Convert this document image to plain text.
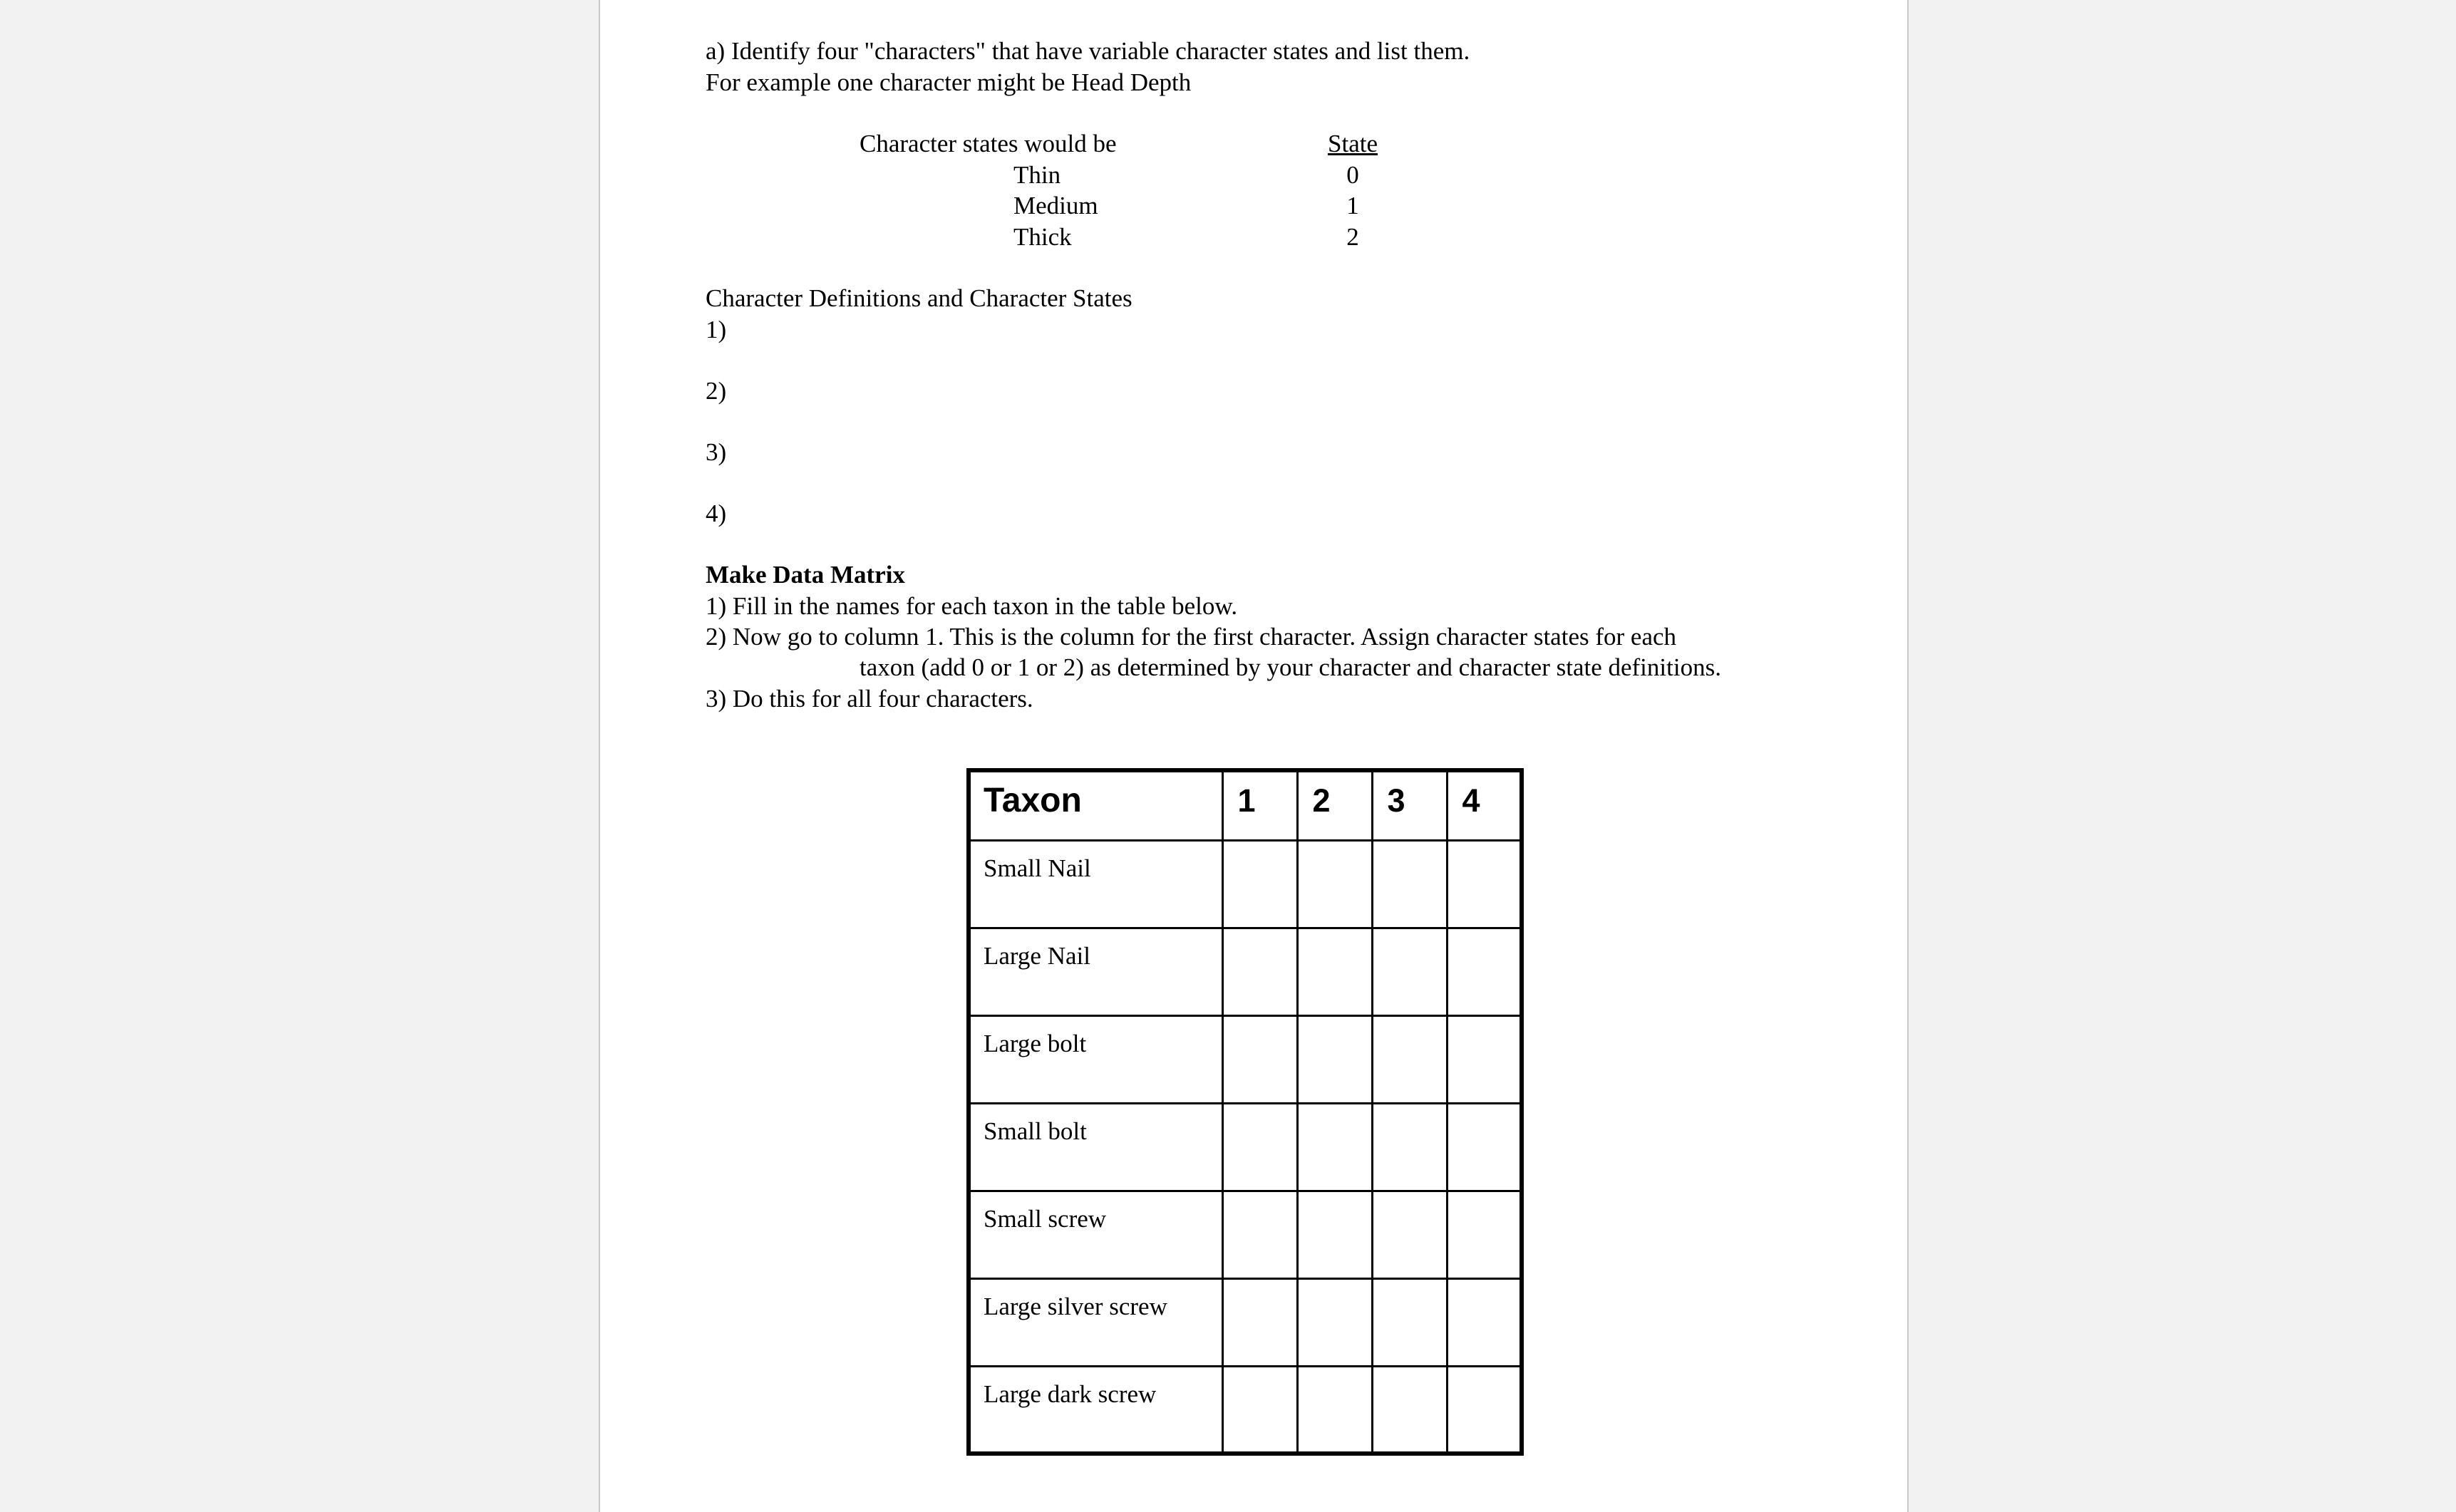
a) Identify four "characters" that have variable character states and list them.

For example one character might be Head Depth

Character states would be	State

Thin	0

Medium	1

Thick	2

Character Definitions and Character States

1)

2)

3)

4)

Make Data Matrix

1) Fill in the names for each taxon in the table below.

2) Now go to column 1. This is the column for the first character. Assign character states for each

taxon (add 0 or 1 or 2) as determined by your character and character state definitions.

3) Do this for all four characters.

Taxon	1	2	3	4
Small Nail				
Large Nail				
Large bolt				
Small bolt				
Small screw				
Large silver screw				
Large dark screw				
